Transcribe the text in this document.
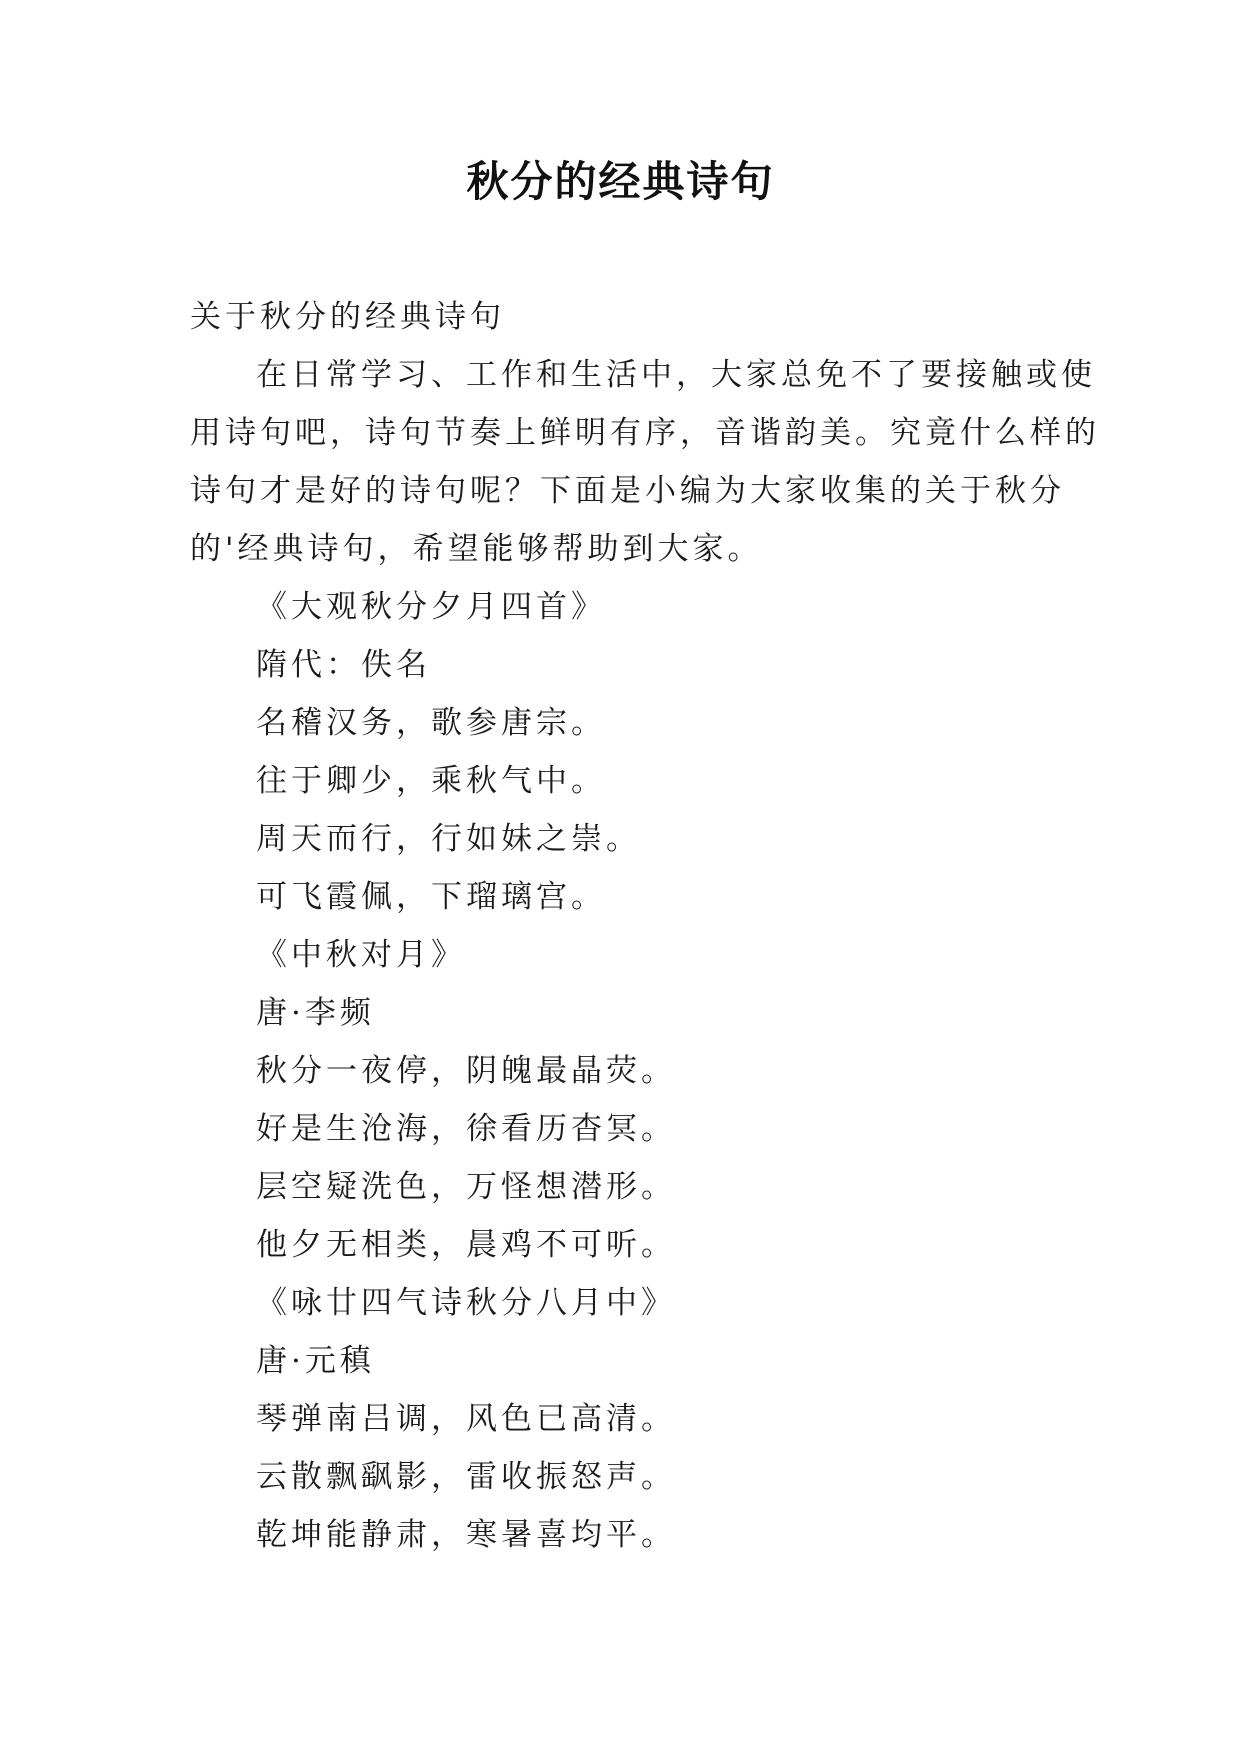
秋分的经典诗句
关于秋分的经典诗句
在日常学习、工作和生活中，大家总免不了要接触或使
用诗句吧，诗句节奏上鲜明有序，音谐韵美。究竟什么样的
诗句才是好的诗句呢？下面是小编为大家收集的关于秋分
的'经典诗句，希望能够帮助到大家。
《大观秋分夕月四首》
隋代：佚名
名稽汉务，歌参唐宗。
往于卿少，乘秋气中。
周天而行，行如妹之崇。
可飞霞佩，下瑠璃宫。
《中秋对月》
唐·李频
秋分一夜停，阴魄最晶荧。
好是生沧海，徐看历杳冥。
层空疑洗色，万怪想潜形。
他夕无相类，晨鸡不可听。
《咏廿四气诗秋分八月中》
唐·元稹
琴弹南吕调，风色已高清。
云散飘飖影，雷收振怒声。
乾坤能静肃，寒暑喜均平。
